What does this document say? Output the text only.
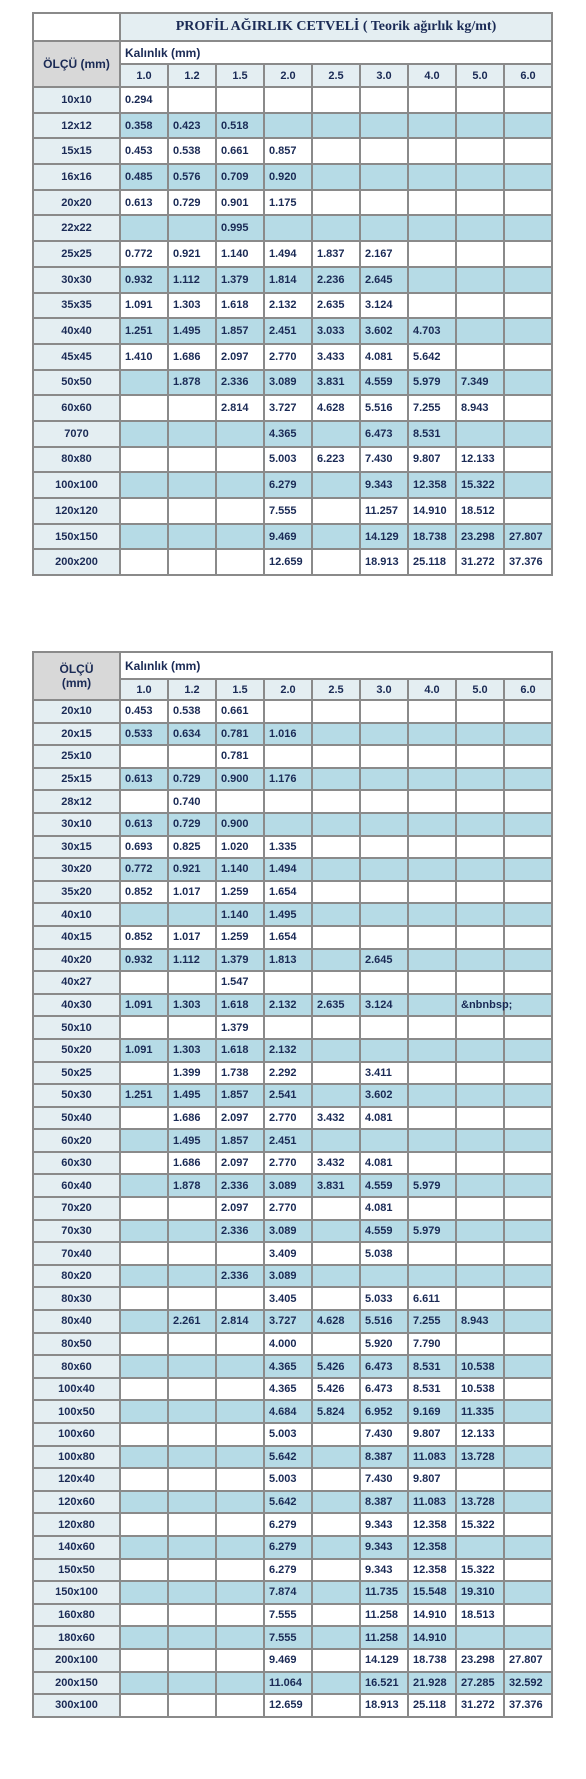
	PROFİL AĞIRLIK CETVELİ ( Teorik ağırlık kg/mt)								
ÖLÇÜ (mm)	Kalınlık (mm)								
	1.0	1.2	1.5	2.0	2.5	3.0	4.0	5.0	6.0
10x10	0.294								
12x12	0.358	0.423	0.518						
15x15	0.453	0.538	0.661	0.857					
16x16	0.485	0.576	0.709	0.920					
20x20	0.613	0.729	0.901	1.175					
22x22			0.995						
25x25	0.772	0.921	1.140	1.494	1.837	2.167			
30x30	0.932	1.112	1.379	1.814	2.236	2.645			
35x35	1.091	1.303	1.618	2.132	2.635	3.124			
40x40	1.251	1.495	1.857	2.451	3.033	3.602	4.703		
45x45	1.410	1.686	2.097	2.770	3.433	4.081	5.642		
50x50		1.878	2.336	3.089	3.831	4.559	5.979	7.349	
60x60			2.814	3.727	4.628	5.516	7.255	8.943	
7070				4.365		6.473	8.531		
80x80				5.003	6.223	7.430	9.807	12.133	
100x100				6.279		9.343	12.358	15.322	
120x120				7.555		11.257	14.910	18.512	
150x150				9.469		14.129	18.738	23.298	27.807
200x200				12.659		18.913	25.118	31.272	37.376
ÖLÇÜ
(mm)	Kalınlık (mm)								
	1.0	1.2	1.5	2.0	2.5	3.0	4.0	5.0	6.0
20x10	0.453	0.538	0.661						
20x15	0.533	0.634	0.781	1.016					
25x10			0.781						
25x15	0.613	0.729	0.900	1.176					
28x12		0.740							
30x10	0.613	0.729	0.900						
30x15	0.693	0.825	1.020	1.335					
30x20	0.772	0.921	1.140	1.494					
35x20	0.852	1.017	1.259	1.654					
40x10			1.140	1.495					
40x15	0.852	1.017	1.259	1.654					
40x20	0.932	1.112	1.379	1.813		2.645			
40x27			1.547						
40x30	1.091	1.303	1.618	2.132	2.635	3.124		&nbnbsp;	
50x10			1.379						
50x20	1.091	1.303	1.618	2.132					
50x25		1.399	1.738	2.292		3.411			
50x30	1.251	1.495	1.857	2.541		3.602			
50x40		1.686	2.097	2.770	3.432	4.081			
60x20		1.495	1.857	2.451					
60x30		1.686	2.097	2.770	3.432	4.081			
60x40		1.878	2.336	3.089	3.831	4.559	5.979		
70x20			2.097	2.770		4.081			
70x30			2.336	3.089		4.559	5.979		
70x40				3.409		5.038			
80x20			2.336	3.089					
80x30				3.405		5.033	6.611		
80x40		2.261	2.814	3.727	4.628	5.516	7.255	8.943	
80x50				4.000		5.920	7.790		
80x60				4.365	5.426	6.473	8.531	10.538	
100x40				4.365	5.426	6.473	8.531	10.538	
100x50				4.684	5.824	6.952	9.169	11.335	
100x60				5.003		7.430	9.807	12.133	
100x80				5.642		8.387	11.083	13.728	
120x40				5.003		7.430	9.807		
120x60				5.642		8.387	11.083	13.728	
120x80				6.279		9.343	12.358	15.322	
140x60				6.279		9.343	12.358		
150x50				6.279		9.343	12.358	15.322	
150x100				7.874		11.735	15.548	19.310	
160x80				7.555		11.258	14.910	18.513	
180x60				7.555		11.258	14.910		
200x100				9.469		14.129	18.738	23.298	27.807
200x150				11.064		16.521	21.928	27.285	32.592
300x100				12.659		18.913	25.118	31.272	37.376
